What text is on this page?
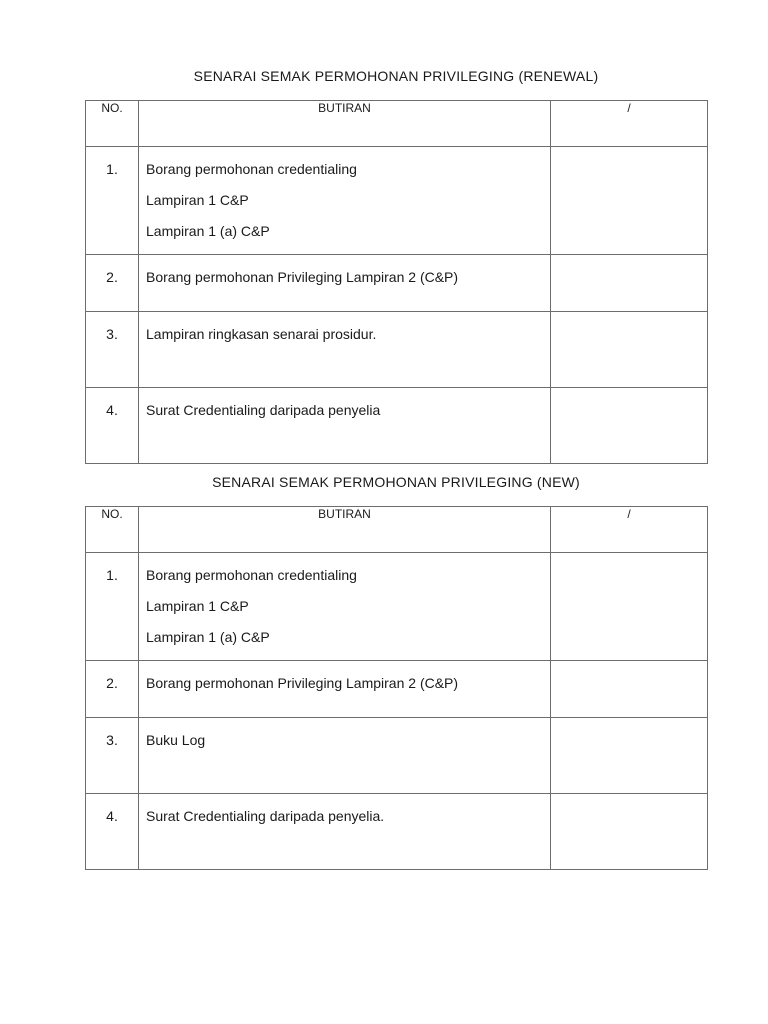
SENARAI SEMAK PERMOHONAN PRIVILEGING (RENEWAL)
NO.	BUTIRAN	/
1.	Borang permohonan credentialing
Lampiran 1 C&P
Lampiran 1 (a) C&P	

2.	Borang permohonan Privileging Lampiran 2 (C&P)	

3.	Lampiran ringkasan senarai prosidur.	

4.	Surat Credentialing daripada penyelia	

SENARAI SEMAK PERMOHONAN PRIVILEGING (NEW)
NO.	BUTIRAN	/
1.	Borang permohonan credentialing
Lampiran 1 C&P
Lampiran 1 (a) C&P	

2.	Borang permohonan Privileging Lampiran 2 (C&P)	

3.	Buku Log	

4.	Surat Credentialing daripada penyelia.	
